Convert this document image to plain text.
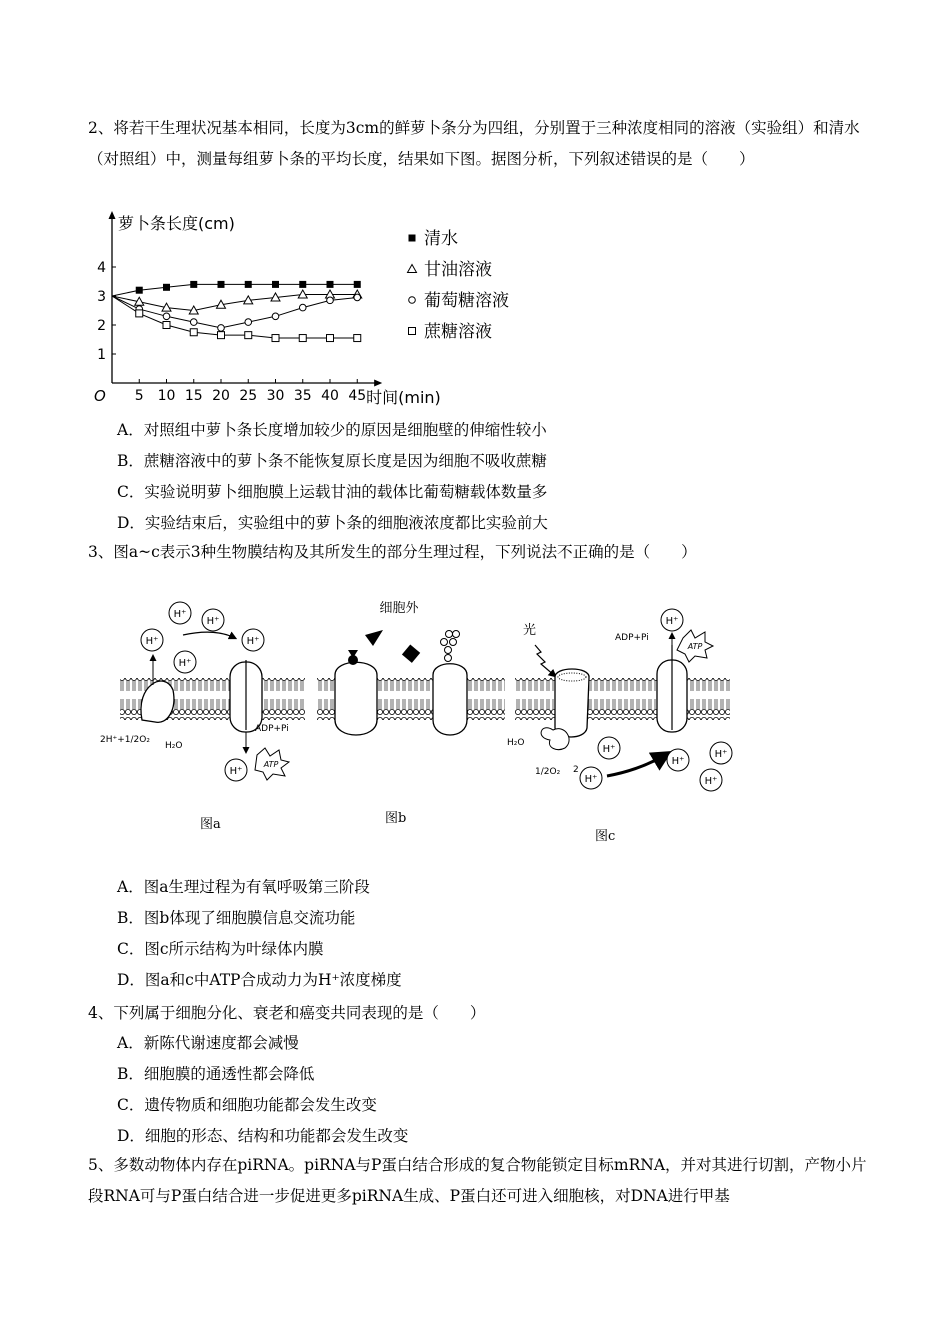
2、将若干生理状况基本相同，长度为3cm的鲜萝卜条分为四组，分别置于三种浓度相同的溶液（实验组）和清水（对照组）中，测量每组萝卜条的平均长度，结果如下图。据图分析，下列叙述错误的是（　　）
萝卜条长度(cm)
O	时间(min)
5 10 15 20 25 30 35 40 45
1
2
3
4
清水
甘油溶液
葡萄糖溶液
蔗糖溶液
A．对照组中萝卜条长度增加较少的原因是细胞壁的伸缩性较小
B．蔗糖溶液中的萝卜条不能恢复原长度是因为细胞不吸收蔗糖
C．实验说明萝卜细胞膜上运载甘油的载体比葡萄糖载体数量多
D．实验结束后，实验组中的萝卜条的细胞液浓度都比实验前大
3、图a~c表示3种生物膜结构及其所发生的部分生理过程，下列说法不正确的是（　　）
H⁺
H⁺
H⁺
H⁺
H⁺
2H⁺+1/2O₂
H₂O
ADP+Pi
H⁺
ATP
图a
细胞外
图b
光
H₂O
1/2O₂ 2
H⁺
H⁺
H⁺
ADP+Pi
ATP
H⁺
H⁺
H⁺
图c
A．图a生理过程为有氧呼吸第三阶段
B．图b体现了细胞膜信息交流功能
C．图c所示结构为叶绿体内膜
D．图a和c中ATP合成动力为H⁺浓度梯度
4、下列属于细胞分化、衰老和癌变共同表现的是（　　）
A．新陈代谢速度都会减慢
B．细胞膜的通透性都会降低
C．遗传物质和细胞功能都会发生改变
D．细胞的形态、结构和功能都会发生改变
5、多数动物体内存在piRNA。piRNA与P蛋白结合形成的复合物能锁定目标mRNA，并对其进行切割，产物小片段RNA可与P蛋白结合进一步促进更多piRNA生成、P蛋白还可进入细胞核，对DNA进行甲基
